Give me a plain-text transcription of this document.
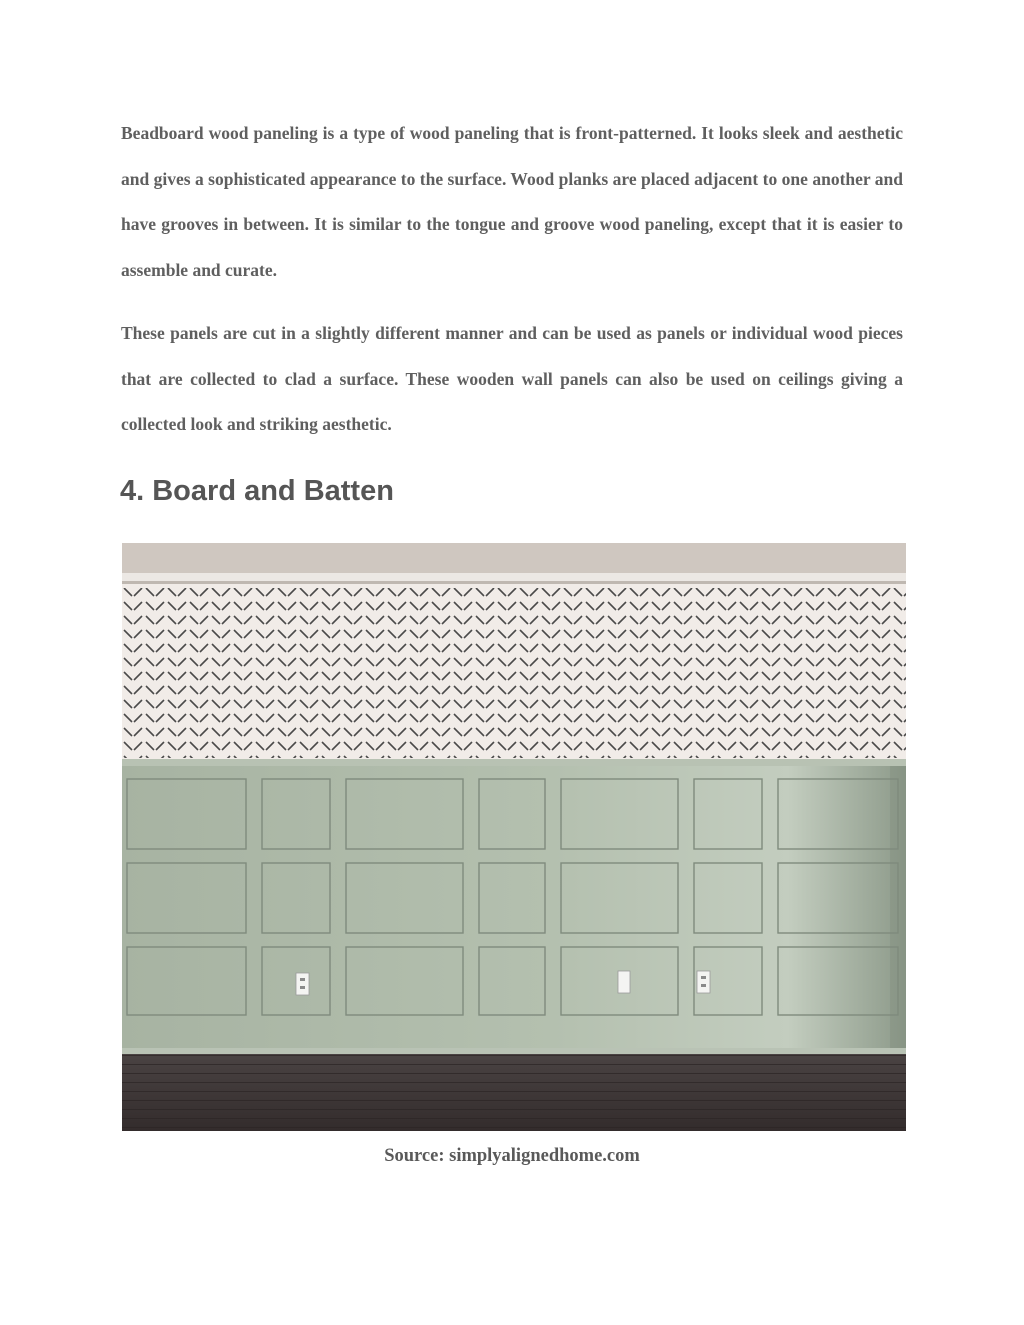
Beadboard wood paneling is a type of wood paneling that is front-patterned. It looks sleek and aesthetic and gives a sophisticated appearance to the surface. Wood planks are placed adjacent to one another and have grooves in between. It is similar to the tongue and groove wood paneling, except that it is easier to assemble and curate.

These panels are cut in a slightly different manner and can be used as panels or individual wood pieces that are collected to clad a surface. These wooden wall panels can also be used on ceilings giving a collected look and striking aesthetic.

4. Board and Batten

Source: simplyalignedhome.com
